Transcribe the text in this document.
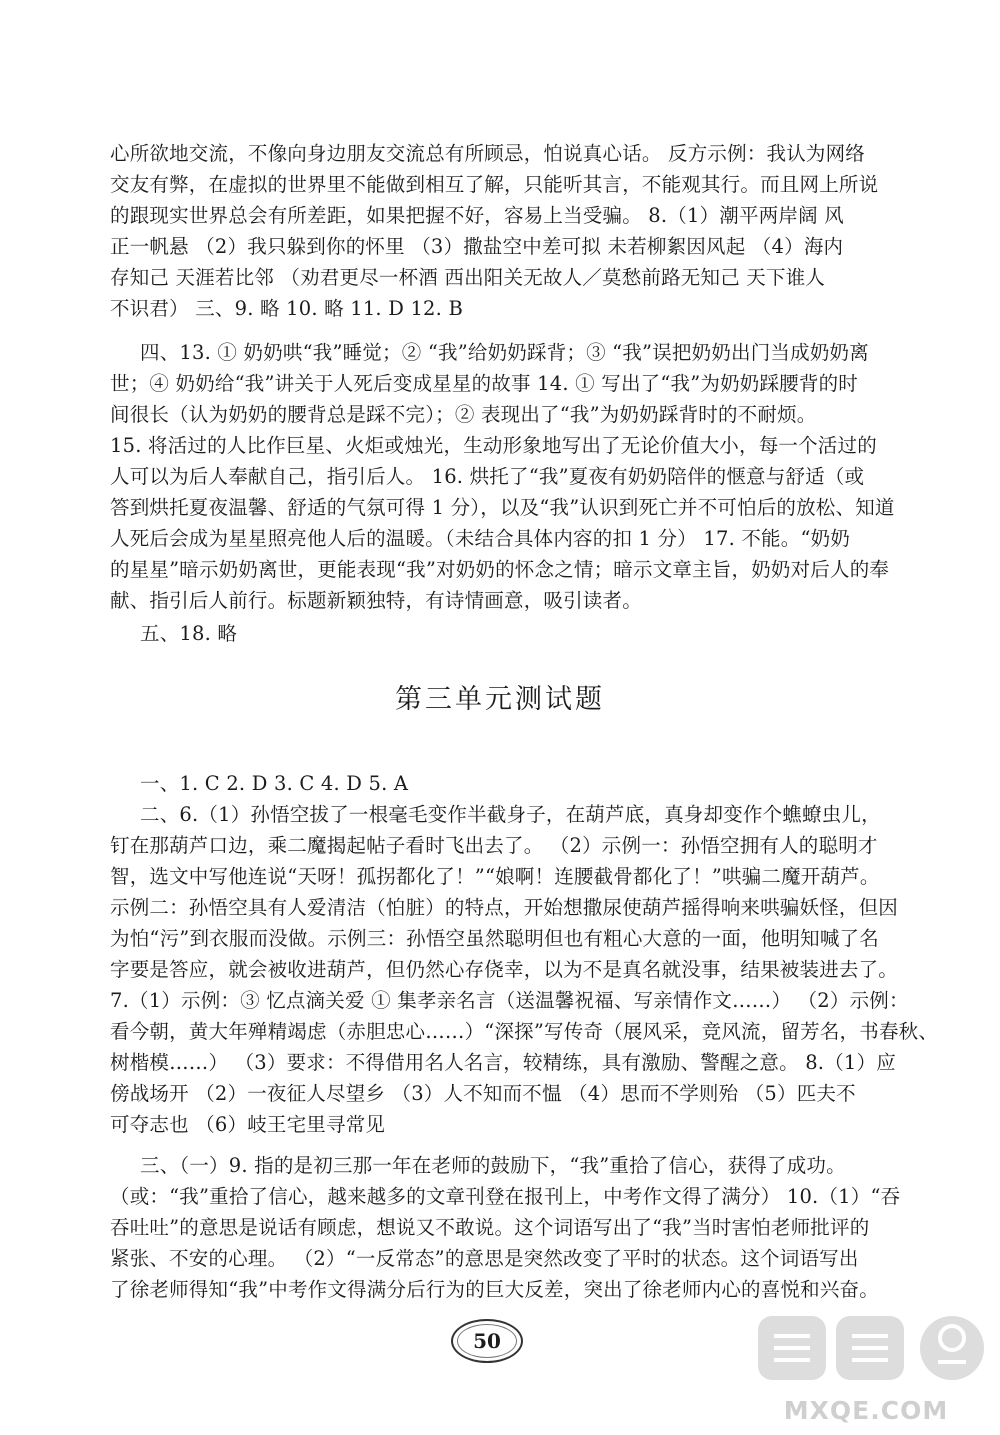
心所欲地交流，不像向身边朋友交流总有所顾忌，怕说真心话。 反方示例：我认为网络
交友有弊，在虚拟的世界里不能做到相互了解，只能听其言，不能观其行。而且网上所说
的跟现实世界总会有所差距，如果把握不好，容易上当受骗。 8.（1）潮平两岸阔 风
正一帆悬 （2）我只躲到你的怀里 （3）撒盐空中差可拟 未若柳絮因风起 （4）海内
存知己 天涯若比邻 （劝君更尽一杯酒 西出阳关无故人／莫愁前路无知己 天下谁人
不识君） 三、9. 略 10. 略 11. D 12. B
四、13. ① 奶奶哄“我”睡觉；② “我”给奶奶踩背；③ “我”误把奶奶出门当成奶奶离
世；④ 奶奶给“我”讲关于人死后变成星星的故事 14. ① 写出了“我”为奶奶踩腰背的时
间很长（认为奶奶的腰背总是踩不完）；② 表现出了“我”为奶奶踩背时的不耐烦。
15. 将活过的人比作巨星、火炬或烛光，生动形象地写出了无论价值大小，每一个活过的
人可以为后人奉献自己，指引后人。 16. 烘托了“我”夏夜有奶奶陪伴的惬意与舒适（或
答到烘托夏夜温馨、舒适的气氛可得 1 分），以及“我”认识到死亡并不可怕后的放松、知道
人死后会成为星星照亮他人后的温暖。（未结合具体内容的扣 1 分） 17. 不能。“奶奶
的星星”暗示奶奶离世，更能表现“我”对奶奶的怀念之情；暗示文章主旨，奶奶对后人的奉
献、指引后人前行。标题新颖独特，有诗情画意，吸引读者。
五、18. 略
第三单元测试题
一、1. C 2. D 3. C 4. D 5. A
二、6.（1）孙悟空拔了一根毫毛变作半截身子，在葫芦底，真身却变作个蟭蟟虫儿，
钉在那葫芦口边，乘二魔揭起帖子看时飞出去了。 （2）示例一：孙悟空拥有人的聪明才
智，选文中写他连说“天呀！孤拐都化了！”“娘啊！连腰截骨都化了！”哄骗二魔开葫芦。
示例二：孙悟空具有人爱清洁（怕脏）的特点，开始想撒尿使葫芦摇得响来哄骗妖怪，但因
为怕“污”到衣服而没做。示例三：孙悟空虽然聪明但也有粗心大意的一面，他明知喊了名
字要是答应，就会被收进葫芦，但仍然心存侥幸，以为不是真名就没事，结果被装进去了。
7.（1）示例：③ 忆点滴关爱 ① 集孝亲名言（送温馨祝福、写亲情作文……） （2）示例：
看今朝，黄大年殚精竭虑（赤胆忠心……）“深探”写传奇（展风采，竞风流，留芳名，书春秋、
树楷模……） （3）要求：不得借用名人名言，较精练，具有激励、警醒之意。 8.（1）应
傍战场开 （2）一夜征人尽望乡 （3）人不知而不愠 （4）思而不学则殆 （5）匹夫不
可夺志也 （6）岐王宅里寻常见
三、（一）9. 指的是初三那一年在老师的鼓励下，“我”重拾了信心，获得了成功。
（或：“我”重拾了信心，越来越多的文章刊登在报刊上，中考作文得了满分） 10.（1）“吞
吞吐吐”的意思是说话有顾虑，想说又不敢说。这个词语写出了“我”当时害怕老师批评的
紧张、不安的心理。 （2）“一反常态”的意思是突然改变了平时的状态。这个词语写出
了徐老师得知“我”中考作文得满分后行为的巨大反差，突出了徐老师内心的喜悦和兴奋。
50
MXQE.COM
